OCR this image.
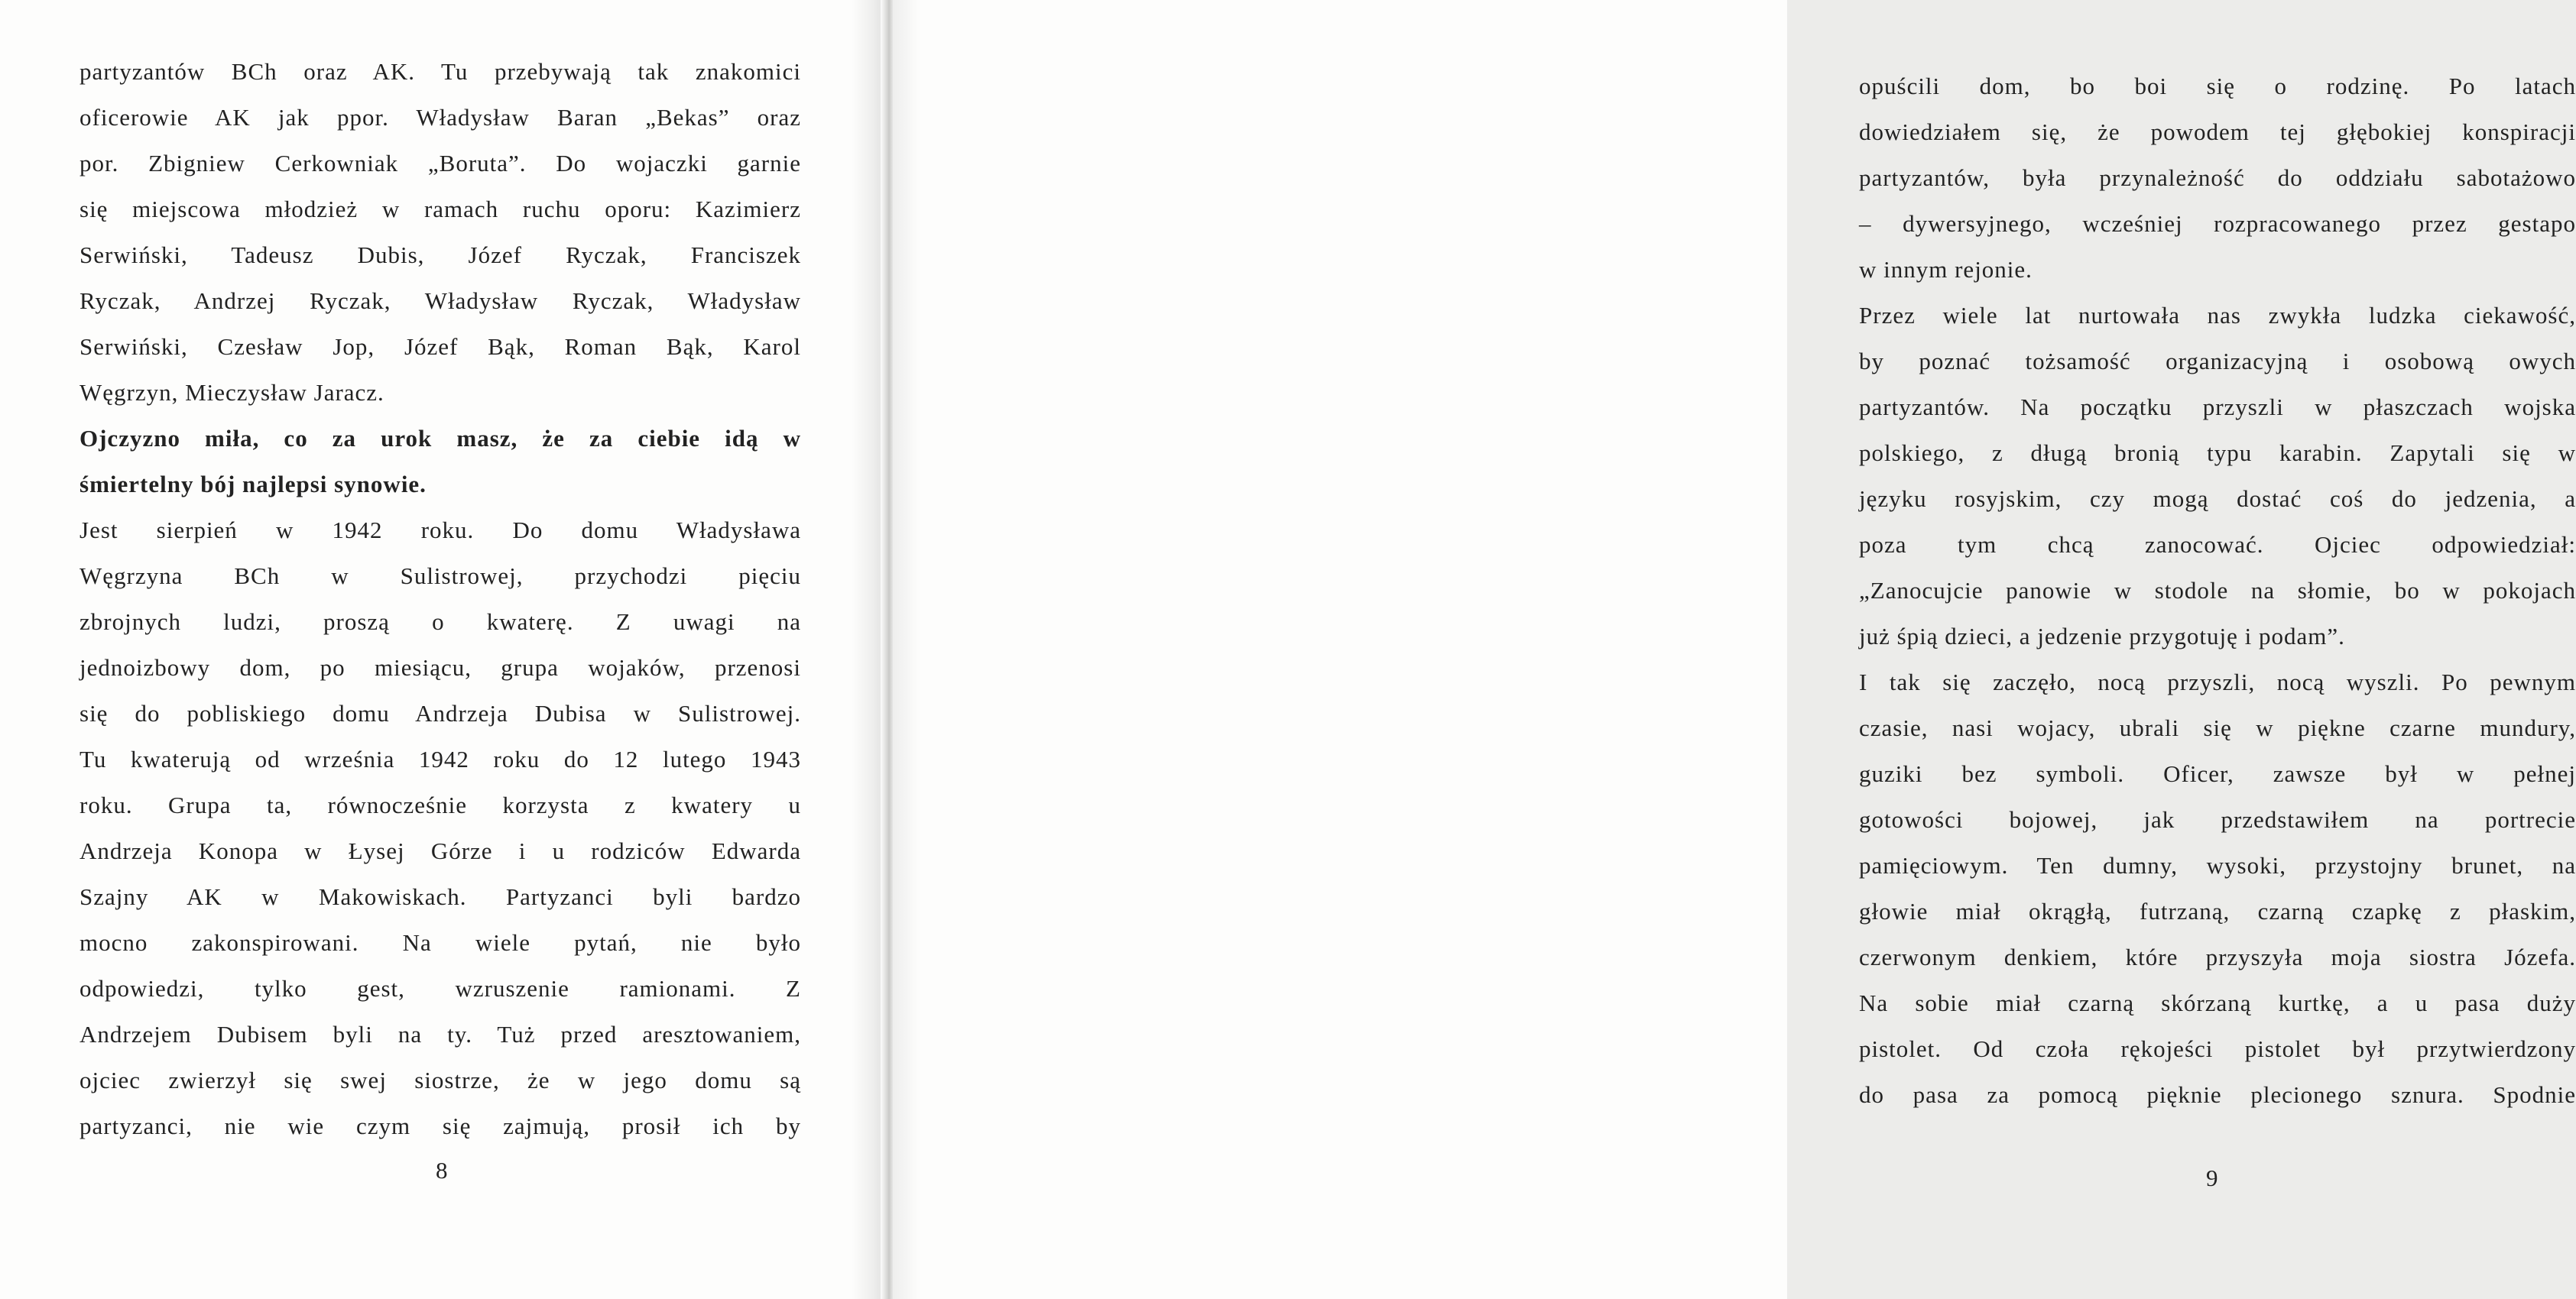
partyzantów BCh oraz AK. Tu przebywają tak znakomici
oficerowie AK jak ppor. Władysław Baran „Bekas” oraz
por. Zbigniew Cerkowniak „Boruta”. Do wojaczki garnie
się miejscowa młodzież w ramach ruchu oporu: Kazimierz
Serwiński, Tadeusz Dubis, Józef Ryczak, Franciszek
Ryczak, Andrzej Ryczak, Władysław Ryczak, Władysław
Serwiński, Czesław Jop, Józef Bąk, Roman Bąk, Karol
Węgrzyn, Mieczysław Jaracz.
Ojczyzno miła, co za urok masz, że za ciebie idą w
śmiertelny bój najlepsi synowie.
Jest sierpień w 1942 roku. Do domu Władysława
Węgrzyna BCh w Sulistrowej, przychodzi pięciu
zbrojnych ludzi, proszą o kwaterę. Z uwagi na
jednoizbowy dom, po miesiącu, grupa wojaków, przenosi
się do pobliskiego domu Andrzeja Dubisa w Sulistrowej.
Tu kwaterują od września 1942 roku do 12 lutego 1943
roku. Grupa ta, równocześnie korzysta z kwatery u
Andrzeja Konopa w Łysej Górze i u rodziców Edwarda
Szajny AK w Makowiskach. Partyzanci byli bardzo
mocno zakonspirowani. Na wiele pytań, nie było
odpowiedzi, tylko gest, wzruszenie ramionami. Z
Andrzejem Dubisem byli na ty. Tuż przed aresztowaniem,
ojciec zwierzył się swej siostrze, że w jego domu są
partyzanci, nie wie czym się zajmują, prosił ich by
8
opuścili dom, bo boi się o rodzinę. Po latach
dowiedziałem się, że powodem tej głębokiej konspiracji
partyzantów, była przynależność do oddziału sabotażowo
– dywersyjnego, wcześniej rozpracowanego przez gestapo
w innym rejonie.
Przez wiele lat nurtowała nas zwykła ludzka ciekawość,
by poznać tożsamość organizacyjną i osobową owych
partyzantów. Na początku przyszli w płaszczach wojska
polskiego, z długą bronią typu karabin. Zapytali się w
języku rosyjskim, czy mogą dostać coś do jedzenia, a
poza tym chcą zanocować. Ojciec odpowiedział:
„Zanocujcie panowie w stodole na słomie, bo w pokojach
już śpią dzieci, a jedzenie przygotuję i podam”.
I tak się zaczęło, nocą przyszli, nocą wyszli. Po pewnym
czasie, nasi wojacy, ubrali się w piękne czarne mundury,
guziki bez symboli. Oficer, zawsze był w pełnej
gotowości bojowej, jak przedstawiłem na portrecie
pamięciowym. Ten dumny, wysoki, przystojny brunet, na
głowie miał okrągłą, futrzaną, czarną czapkę z płaskim,
czerwonym denkiem, które przyszyła moja siostra Józefa.
Na sobie miał czarną skórzaną kurtkę, a u pasa duży
pistolet. Od czoła rękojeści pistolet był przytwierdzony
do pasa za pomocą pięknie plecionego sznura. Spodnie
9
